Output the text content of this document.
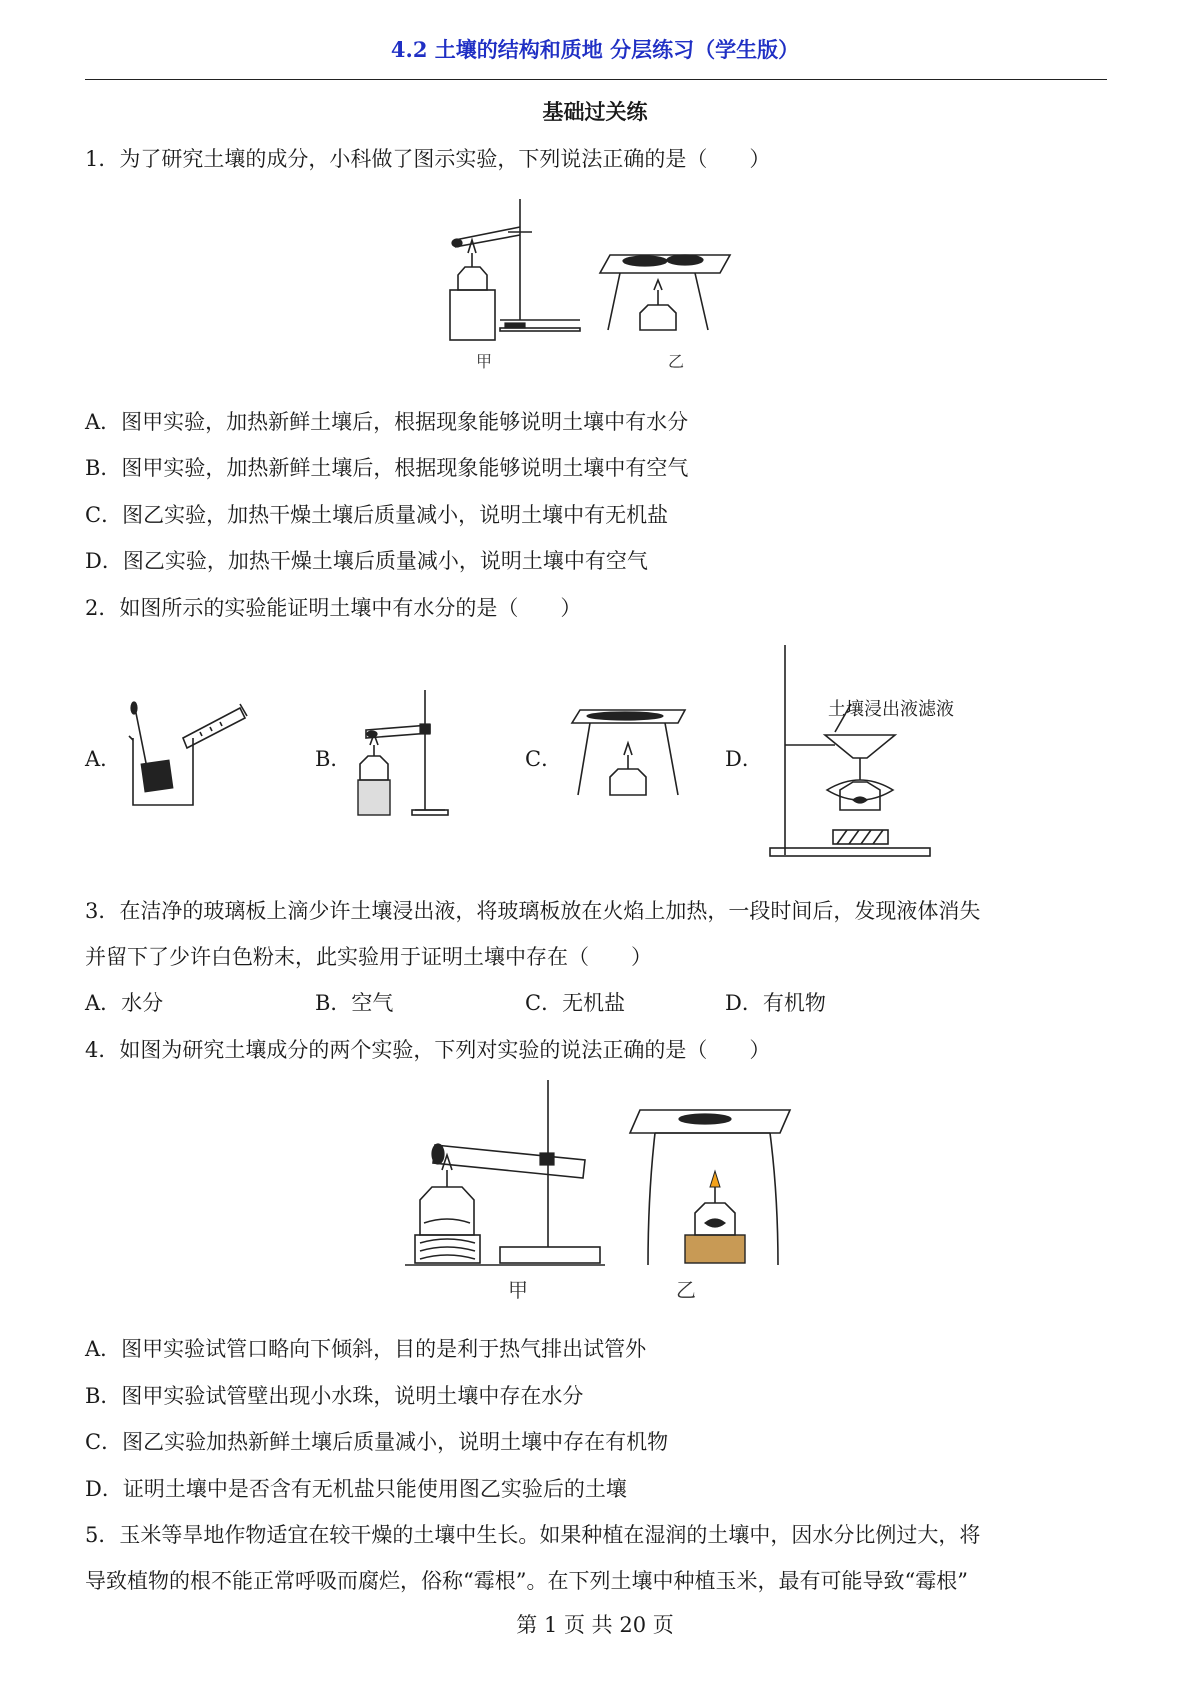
4.2 土壤的结构和质地 分层练习（学生版）
基础过关练
1．为了研究土壤的成分，小科做了图示实验，下列说法正确的是（　　）
甲	乙
A．图甲实验，加热新鲜土壤后，根据现象能够说明土壤中有水分
B．图甲实验，加热新鲜土壤后，根据现象能够说明土壤中有空气
C．图乙实验，加热干燥土壤后质量减小，说明土壤中有无机盐
D．图乙实验，加热干燥土壤后质量减小，说明土壤中有空气
2．如图所示的实验能证明土壤中有水分的是（　　）
A．	B．	C．	D．
土壤浸出液滤液
3．在洁净的玻璃板上滴少许土壤浸出液，将玻璃板放在火焰上加热，一段时间后，发现液体消失
并留下了少许白色粉末，此实验用于证明土壤中存在（　　）
A．水分	B．空气	C．无机盐	D．有机物
4．如图为研究土壤成分的两个实验，下列对实验的说法正确的是（　　）
甲	乙
A．图甲实验试管口略向下倾斜，目的是利于热气排出试管外
B．图甲实验试管壁出现小水珠，说明土壤中存在水分
C．图乙实验加热新鲜土壤后质量减小，说明土壤中存在有机物
D．证明土壤中是否含有无机盐只能使用图乙实验后的土壤
5．玉米等旱地作物适宜在较干燥的土壤中生长。如果种植在湿润的土壤中，因水分比例过大，将
导致植物的根不能正常呼吸而腐烂，俗称“霉根”。在下列土壤中种植玉米，最有可能导致“霉根”
第 1 页 共 20 页
